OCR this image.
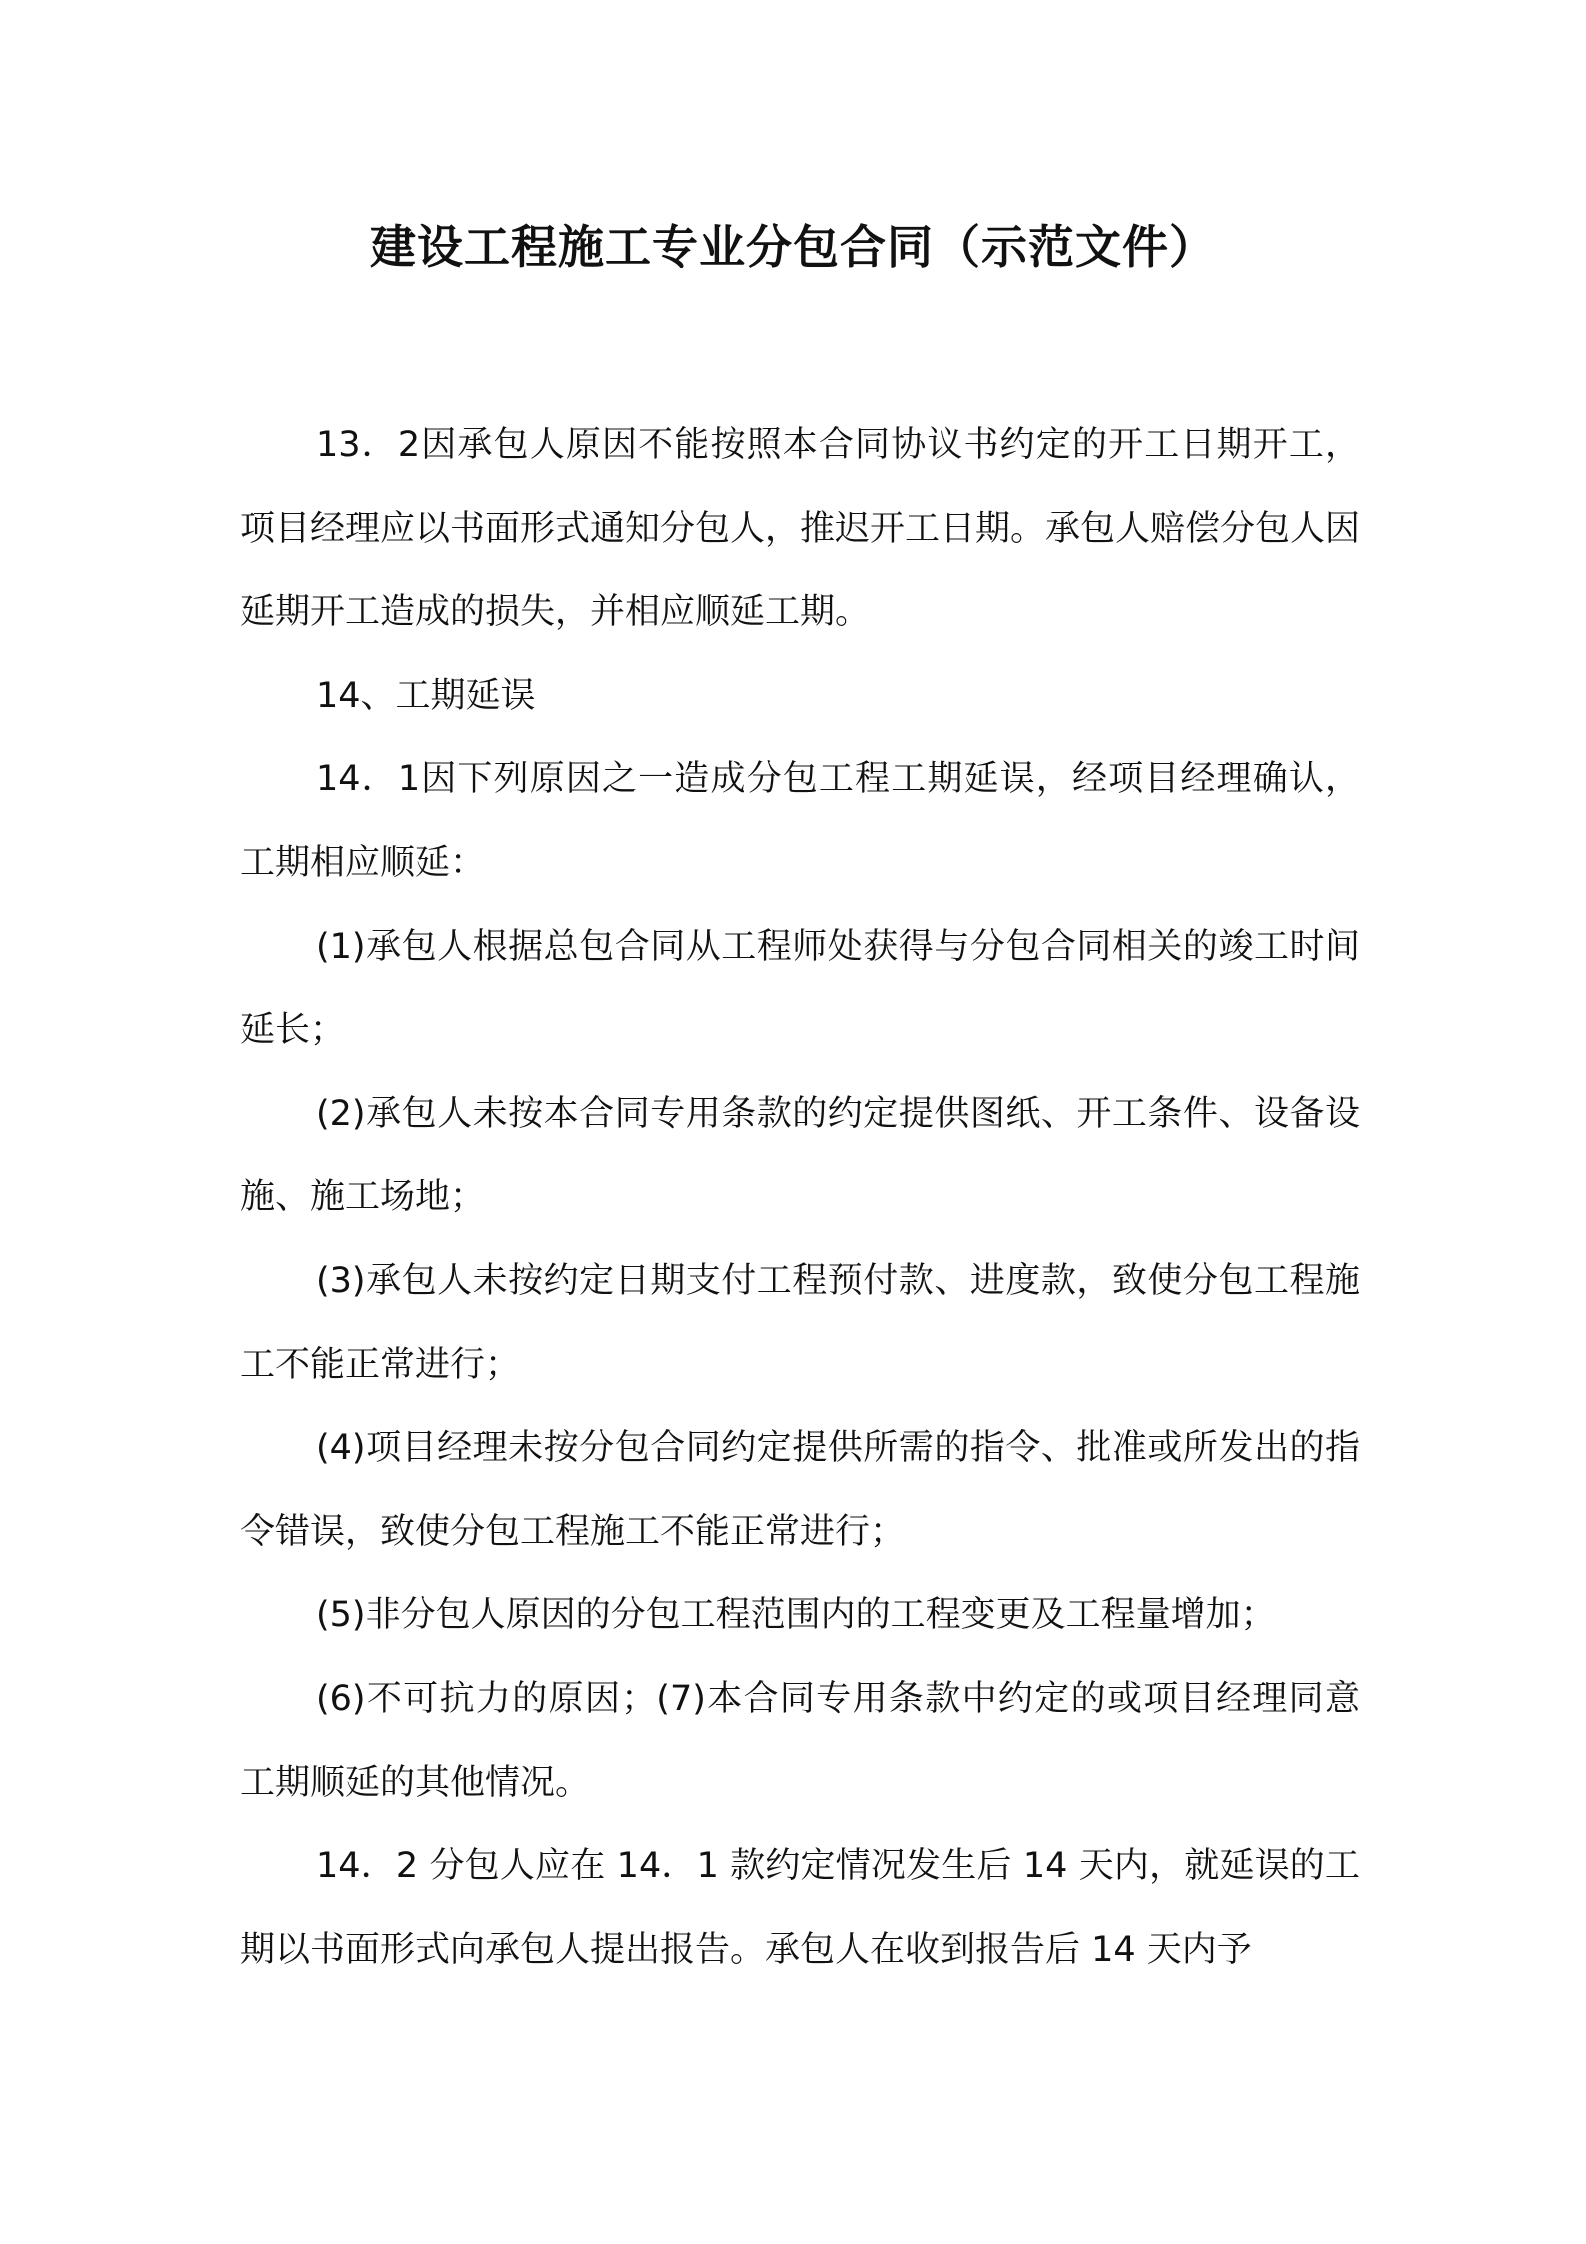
建设工程施工专业分包合同（示范文件）

13．2因承包人原因不能按照本合同协议书约定的开工日期开工，项目经理应以书面形式通知分包人，推迟开工日期。承包人赔偿分包人因延期开工造成的损失，并相应顺延工期。

14、工期延误

14．1因下列原因之一造成分包工程工期延误，经项目经理确认，工期相应顺延：

(1)承包人根据总包合同从工程师处获得与分包合同相关的竣工时间延长；

(2)承包人未按本合同专用条款的约定提供图纸、开工条件、设备设施、施工场地；

(3)承包人未按约定日期支付工程预付款、进度款，致使分包工程施工不能正常进行；

(4)项目经理未按分包合同约定提供所需的指令、批准或所发出的指令错误，致使分包工程施工不能正常进行；

(5)非分包人原因的分包工程范围内的工程变更及工程量增加；

(6)不可抗力的原因；(7)本合同专用条款中约定的或项目经理同意工期顺延的其他情况。

14．2 分包人应在 14．1 款约定情况发生后 14 天内，就延误的工期以书面形式向承包人提出报告。承包人在收到报告后 14 天内予
